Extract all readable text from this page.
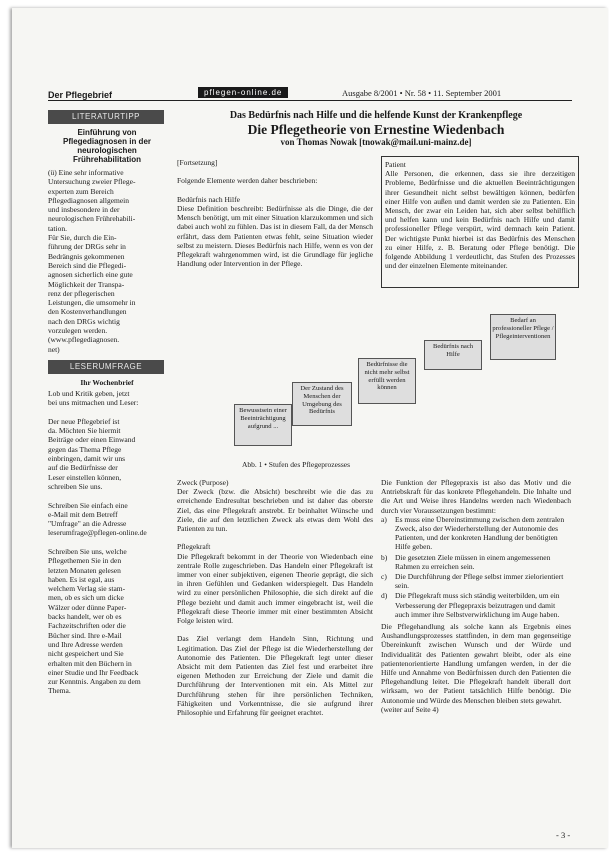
Der Pflegebrief	pflegen-online.de	Ausgabe 8/2001 • Nr. 58 • 11. September 2001
LITERATURTIPP
Einführung von Pflegediagnosen in der neurologischen Frührehabilitation

(ü) Eine sehr informative
Untersuchung zweier Pflege-
experten zum Bereich
Pflegediagnosen allgemein
und insbesondere in der
neurologischen Frührehabili-
tation.
Für Sie, durch die Ein-
führung der DRGs sehr in
Bedrängnis gekommenen
Bereich sind die Pflegedi-
agnosen sicherlich eine gute
Möglichkeit der Transpa-
renz der pflegerischen
Leistungen, die umsomehr in
den Kostenverhandlungen
nach den DRGs wichtig
vorzulegen werden.
(www.pflegediagnosen.
net)

LESERUMFRAGE
Ihr Wochenbrief

Lob und Kritik geben, jetzt
bei uns mitmachen und Leser:

Der neue Pflegebrief ist
da. Möchten Sie hiermit
Beiträge oder einen Einwand
gegen das Thema Pflege
einbringen, damit wir uns
auf die Bedürfnisse der
Leser einstellen können,
schreiben Sie uns.

Schreiben Sie einfach eine
e-Mail mit dem Betreff
"Umfrage" an die Adresse
leserumfrage@pflegen-online.de

Schreiben Sie uns, welche
Pflegethemen Sie in den
letzten Monaten gelesen
haben. Es ist egal, aus
welchem Verlag sie stam-
men, ob es sich um dicke
Wälzer oder dünne Paper-
backs handelt, wer ob es
Fachzeitschriften oder die
Bücher sind. Ihre e-Mail
und Ihre Adresse werden
nicht gespeichert und Sie
erhalten mit den Büchern in
einer Studie und Ihr Feedback
zur Kenntnis. Angaben zu dem
Thema.

Das Bedürfnis nach Hilfe und die helfende Kunst der Krankenpflege
Die Pflegetheorie von Ernestine Wiedenbach
von Thomas Nowak [tnowak@mail.uni-mainz.de]

[Fortsetzung]

Folgende Elemente werden daher beschrieben:

Bedürfnis nach Hilfe
Diese Definition beschreibt: Bedürfnisse als die Dinge, die der Mensch benötigt, um mit einer Situation klarzukommen und sich dabei auch wohl zu fühlen. Das ist in diesem Fall, da der Mensch erfährt, dass dem Patienten etwas fehlt, seine Situation wieder selbst zu meistern. Dieses Bedürfnis nach Hilfe, wenn es von der Pflegekraft wahrgenommen wird, ist die Grundlage für jegliche Handlung oder Intervention in der Pflege.

Patient
Alle Personen, die erkennen, dass sie ihre derzeitigen Probleme, Bedürfnisse und die aktuellen Beeinträchtigungen ihrer Gesundheit nicht selbst bewältigen können, bedürfen einer Hilfe von außen und damit werden sie zu Patienten. Ein Mensch, der zwar ein Leiden hat, sich aber selbst behilflich und helfen kann und kein Bedürfnis nach Hilfe und damit professioneller Pflege verspürt, wird demnach kein Patient. Der wichtigste Punkt hierbei ist das Bedürfnis des Menschen zu einer Hilfe, z. B. Beratung oder Pflege benötigt. Die folgende Abbildung 1 verdeutlicht, das Stufen des Prozesses und der einzelnen Elemente miteinander.

Bewusstsein einer Beeinträchtigung aufgrund ...
Der Zustand des Menschen der Umgebung des Bedürfnis
Bedürfnisse die nicht mehr selbst erfüllt werden können
Bedürfnis nach Hilfe
Bedarf an professioneller Pflege / Pflegeinterventionen
Abb. 1 • Stufen des Pflegeprozesses

Zweck (Purpose)
Der Zweck (bzw. die Absicht) beschreibt wie die das zu erreichende Endresultat beschrieben und ist daher das oberste Ziel, das eine Pflegekraft anstrebt. Er beinhaltet Wünsche und Ziele, die auf den letztlichen Zweck als etwas dem Wohl des Patienten zu tun.

Pflegekraft
Die Pflegekraft bekommt in der Theorie von Wiedenbach eine zentrale Rolle zugeschrieben. Das Handeln einer Pflegekraft ist immer von einer subjektiven, eigenen Theorie geprägt, die sich in ihren Gefühlen und Gedanken widerspiegelt. Das Handeln wird zu einer persönlichen Philosophie, die sich direkt auf die Pflege bezieht und damit auch immer eingebracht ist, weil die Pflegekraft diese Theorie immer mit einer bestimmten Absicht Folge leisten wird.

Das Ziel verlangt dem Handeln Sinn, Richtung und Legitimation. Das Ziel der Pflege ist die Wiederherstellung der Autonomie des Patienten. Die Pflegekraft legt unter dieser Absicht mit dem Patienten das Ziel fest und erarbeitet ihre eigenen Methoden zur Erreichung der Ziele und damit die Durchführung der Interventionen mit ein. Als Mittel zur Durchführung stehen für ihre persönlichen Techniken, Fähigkeiten und Vorkenntnisse, die sie aufgrund ihrer Philosophie und Erfahrung für geeignet erachtet.

Die Funktion der Pflegepraxis ist also das Motiv und die Antriebskraft für das konkrete Pflegehandeln. Die Inhalte und die Art und Weise ihres Handelns werden nach Wiedenbach durch vier Voraussetzungen bestimmt:

a)	Es muss eine Übereinstimmung zwischen dem zentralen Zweck, also der Wiederherstellung der Autonomie des Patienten, und der konkreten Handlung der benötigten Hilfe geben.
b)	Die gesetzten Ziele müssen in einem angemessenen Rahmen zu erreichen sein.
c)	Die Durchführung der Pflege selbst immer zielorientiert sein.
d)	Die Pflegekraft muss sich ständig weiterbilden, um ein Verbesserung der Pflegepraxis beizutragen und damit auch immer ihre Selbstverwirklichung im Auge haben.

Die Pflegehandlung als solche kann als Ergebnis eines Aushandlungsprozesses stattfinden, in dem man gegenseitige Übereinkunft zwischen Wunsch und der Würde und Individualität des Patienten gewahrt bleibt, oder als eine patientenorientierte Handlung umfangen werden, in der die Hilfe und Annahme von Bedürfnissen durch den Patienten die Pflegehandlung leitet. Die Pflegekraft handelt überall dort wirksam, wo der Patient tatsächlich Hilfe benötigt. Die Autonomie und Würde des Menschen bleiben stets gewahrt.
(weiter auf Seite 4)

- 3 -
